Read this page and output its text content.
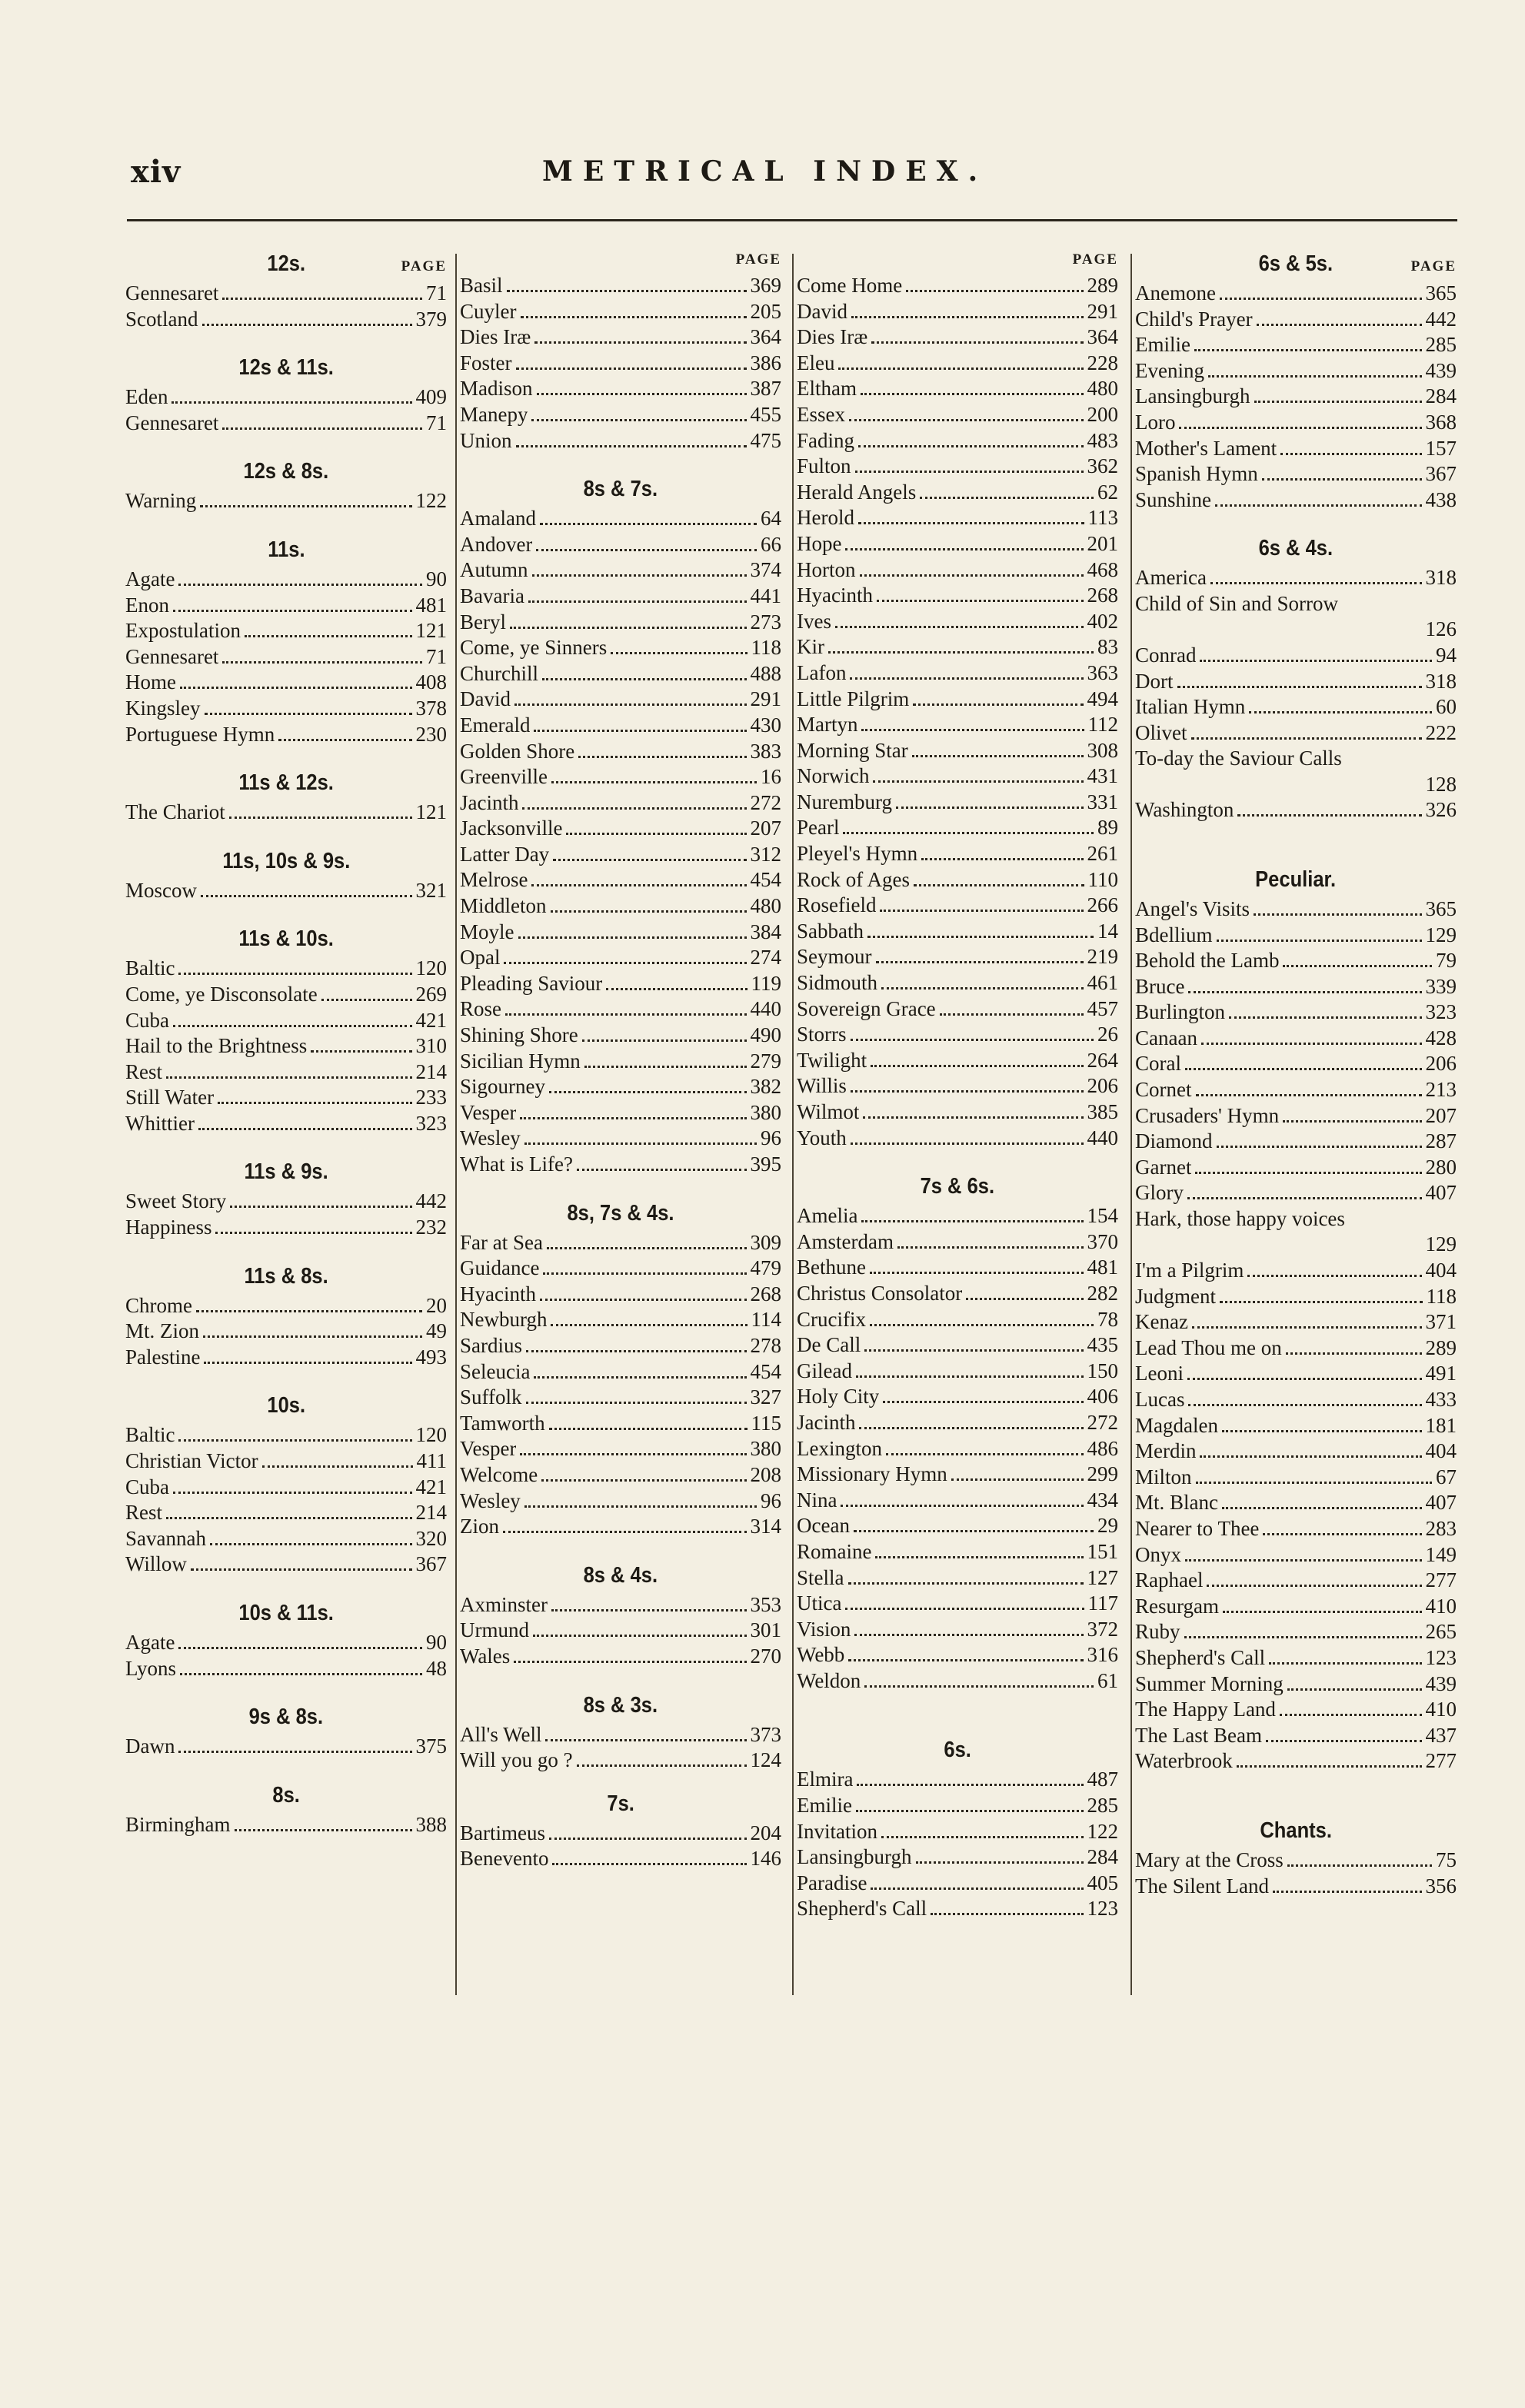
xiv	METRICAL INDEX.
12s.	PAGE
Gennesaret	71
Scotland	379
12s & 11s.
Eden	409
Gennesaret	71
12s & 8s.
Warning	122
11s.
Agate	90
Enon	481
Expostulation	121
Gennesaret	71
Home	408
Kingsley	378
Portuguese Hymn	230
11s & 12s.
The Chariot	121
11s, 10s & 9s.
Moscow	321
11s & 10s.
Baltic	120
Come, ye Disconsolate	269
Cuba	421
Hail to the Brightness	310
Rest	214
Still Water	233
Whittier	323
11s & 9s.
Sweet Story	442
Happiness	232
11s & 8s.
Chrome	20
Mt. Zion	49
Palestine	493
10s.
Baltic	120
Christian Victor	411
Cuba	421
Rest	214
Savannah	320
Willow	367
10s & 11s.
Agate	90
Lyons	48
9s & 8s.
Dawn	375
8s.
Birmingham	388
PAGE
Basil	369
Cuyler	205
Dies Iræ	364
Foster	386
Madison	387
Manepy	455
Union	475
8s & 7s.
Amaland	64
Andover	66
Autumn	374
Bavaria	441
Beryl	273
Come, ye Sinners	118
Churchill	488
David	291
Emerald	430
Golden Shore	383
Greenville	16
Jacinth	272
Jacksonville	207
Latter Day	312
Melrose	454
Middleton	480
Moyle	384
Opal	274
Pleading Saviour	119
Rose	440
Shining Shore	490
Sicilian Hymn	279
Sigourney	382
Vesper	380
Wesley	96
What is Life?	395
8s, 7s & 4s.
Far at Sea	309
Guidance	479
Hyacinth	268
Newburgh	114
Sardius	278
Seleucia	454
Suffolk	327
Tamworth	115
Vesper	380
Welcome	208
Wesley	96
Zion	314
8s & 4s.
Axminster	353
Urmund	301
Wales	270
8s & 3s.
All's Well	373
Will you go ?	124
7s.
Bartimeus	204
Benevento	146
PAGE
Come Home	289
David	291
Dies Iræ	364
Eleu	228
Eltham	480
Essex	200
Fading	483
Fulton	362
Herald Angels	62
Herold	113
Hope	201
Horton	468
Hyacinth	268
Ives	402
Kir	83
Lafon	363
Little Pilgrim	494
Martyn	112
Morning Star	308
Norwich	431
Nuremburg	331
Pearl	89
Pleyel's Hymn	261
Rock of Ages	110
Rosefield	266
Sabbath	14
Seymour	219
Sidmouth	461
Sovereign Grace	457
Storrs	26
Twilight	264
Willis	206
Wilmot	385
Youth	440
7s & 6s.
Amelia	154
Amsterdam	370
Bethune	481
Christus Consolator	282
Crucifix	78
De Call	435
Gilead	150
Holy City	406
Jacinth	272
Lexington	486
Missionary Hymn	299
Nina	434
Ocean	29
Romaine	151
Stella	127
Utica	117
Vision	372
Webb	316
Weldon	61
6s.
Elmira	487
Emilie	285
Invitation	122
Lansingburgh	284
Paradise	405
Shepherd's Call	123
6s & 5s.	PAGE
Anemone	365
Child's Prayer	442
Emilie	285
Evening	439
Lansingburgh	284
Loro	368
Mother's Lament	157
Spanish Hymn	367
Sunshine	438
6s & 4s.
America	318
Child of Sin and Sorrow
126
Conrad	94
Dort	318
Italian Hymn	60
Olivet	222
To-day the Saviour Calls
128
Washington	326
Peculiar.
Angel's Visits	365
Bdellium	129
Behold the Lamb	79
Bruce	339
Burlington	323
Canaan	428
Coral	206
Cornet	213
Crusaders' Hymn	207
Diamond	287
Garnet	280
Glory	407
Hark, those happy voices
129
I'm a Pilgrim	404
Judgment	118
Kenaz	371
Lead Thou me on	289
Leoni	491
Lucas	433
Magdalen	181
Merdin	404
Milton	67
Mt. Blanc	407
Nearer to Thee	283
Onyx	149
Raphael	277
Resurgam	410
Ruby	265
Shepherd's Call	123
Summer Morning	439
The Happy Land	410
The Last Beam	437
Waterbrook	277
Chants.
Mary at the Cross	75
The Silent Land	356
